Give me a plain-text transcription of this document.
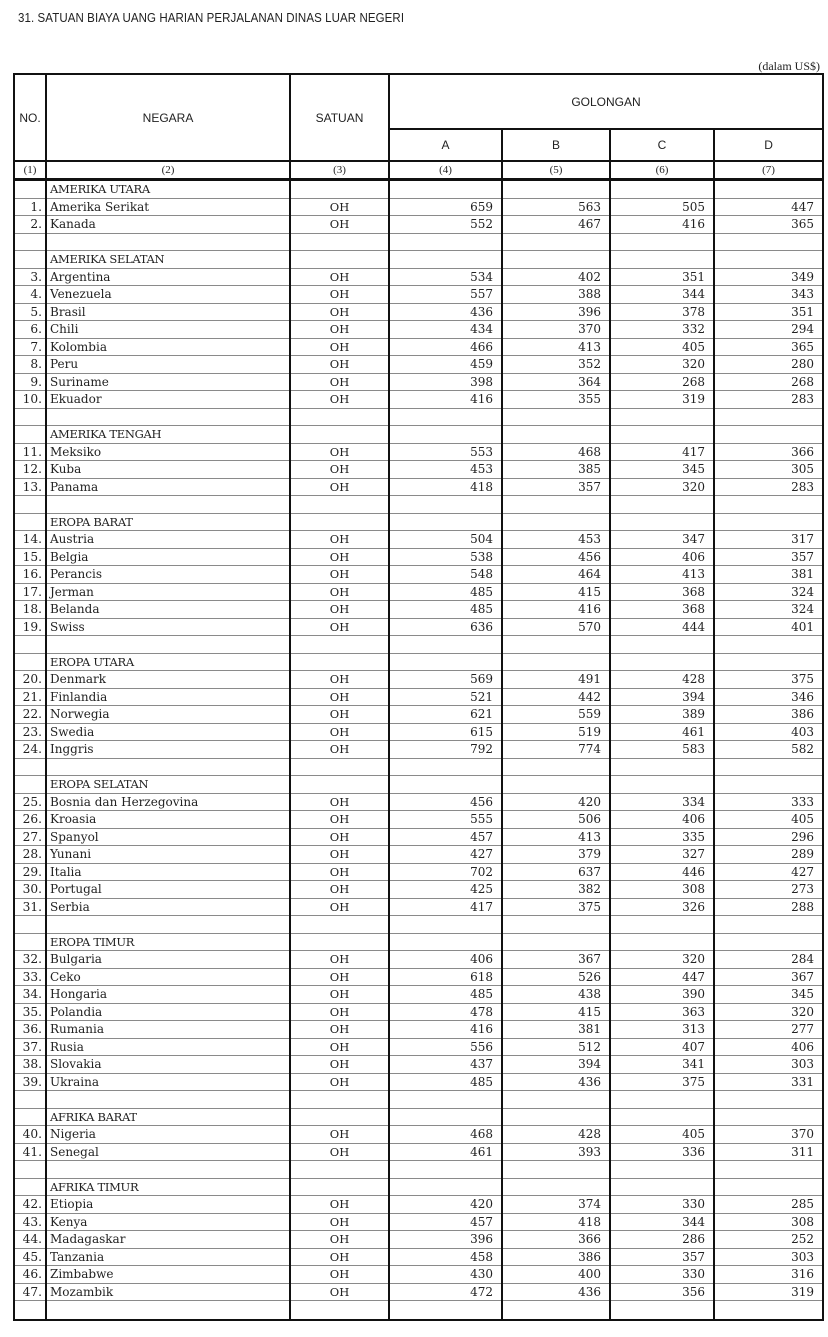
31. SATUAN BIAYA UANG HARIAN PERJALANAN DINAS LUAR NEGERI
(dalam US$)
NO.	NEGARA	SATUAN	GOLONGAN			
			A	B	C	D
(1)	(2)	(3)	(4)	(5)	(6)	(7)
	AMERIKA UTARA					
1.	Amerika Serikat	OH	659	563	505	447
2.	Kanada	OH	552	467	416	365

	AMERIKA SELATAN					
3.	Argentina	OH	534	402	351	349
4.	Venezuela	OH	557	388	344	343
5.	Brasil	OH	436	396	378	351
6.	Chili	OH	434	370	332	294
7.	Kolombia	OH	466	413	405	365
8.	Peru	OH	459	352	320	280
9.	Suriname	OH	398	364	268	268
10.	Ekuador	OH	416	355	319	283

	AMERIKA TENGAH					
11.	Meksiko	OH	553	468	417	366
12.	Kuba	OH	453	385	345	305
13.	Panama	OH	418	357	320	283

	EROPA BARAT					
14.	Austria	OH	504	453	347	317
15.	Belgia	OH	538	456	406	357
16.	Perancis	OH	548	464	413	381
17.	Jerman	OH	485	415	368	324
18.	Belanda	OH	485	416	368	324
19.	Swiss	OH	636	570	444	401

	EROPA UTARA					
20.	Denmark	OH	569	491	428	375
21.	Finlandia	OH	521	442	394	346
22.	Norwegia	OH	621	559	389	386
23.	Swedia	OH	615	519	461	403
24.	Inggris	OH	792	774	583	582

	EROPA SELATAN					
25.	Bosnia dan Herzegovina	OH	456	420	334	333
26.	Kroasia	OH	555	506	406	405
27.	Spanyol	OH	457	413	335	296
28.	Yunani	OH	427	379	327	289
29.	Italia	OH	702	637	446	427
30.	Portugal	OH	425	382	308	273
31.	Serbia	OH	417	375	326	288

	EROPA TIMUR					
32.	Bulgaria	OH	406	367	320	284
33.	Ceko	OH	618	526	447	367
34.	Hongaria	OH	485	438	390	345
35.	Polandia	OH	478	415	363	320
36.	Rumania	OH	416	381	313	277
37.	Rusia	OH	556	512	407	406
38.	Slovakia	OH	437	394	341	303
39.	Ukraina	OH	485	436	375	331

	AFRIKA BARAT					
40.	Nigeria	OH	468	428	405	370
41.	Senegal	OH	461	393	336	311

	AFRIKA TIMUR					
42.	Etiopia	OH	420	374	330	285
43.	Kenya	OH	457	418	344	308
44.	Madagaskar	OH	396	366	286	252
45.	Tanzania	OH	458	386	357	303
46.	Zimbabwe	OH	430	400	330	316
47.	Mozambik	OH	472	436	356	319
